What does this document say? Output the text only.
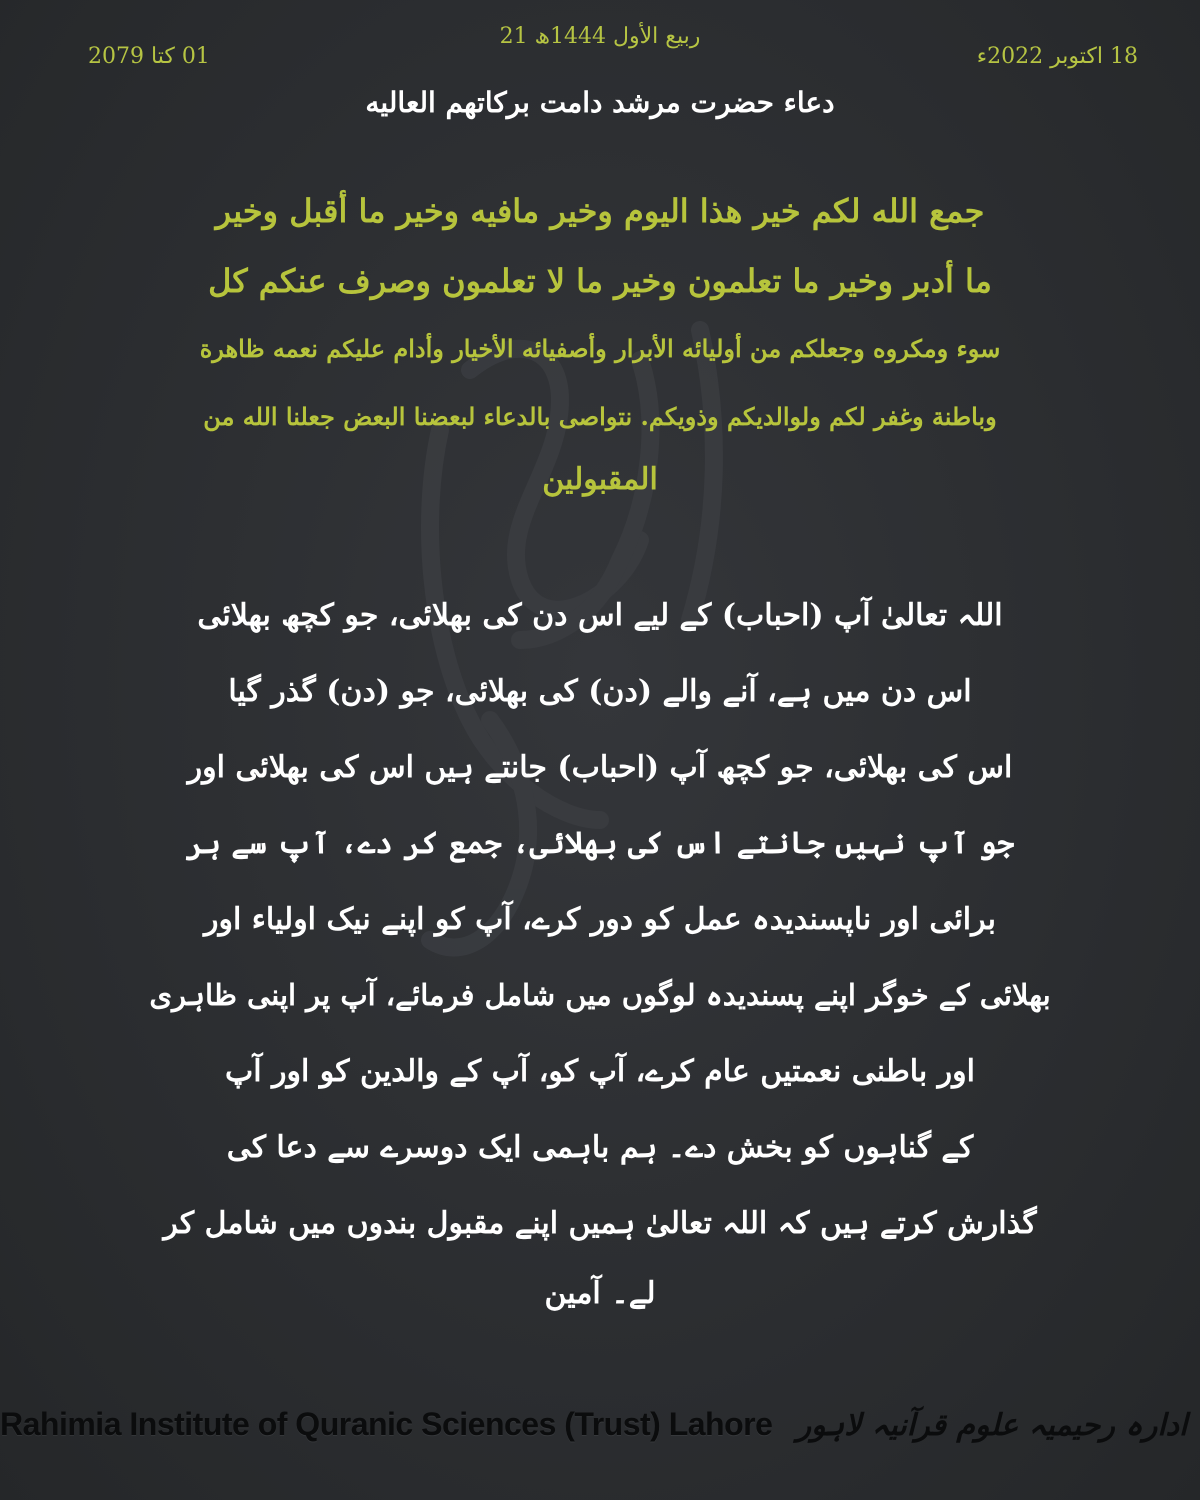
21 ربیع الأول 1444ھ
18 اکتوبر 2022ء
01 کتا 2079
دعاء حضرت مرشد دامت برکاتهم العالیه
جمع الله لكم خير هذا اليوم وخير مافيه وخير ما أقبل وخير
ما أدبر وخير ما تعلمون وخير ما لا تعلمون وصرف عنكم كل
سوء ومكروه وجعلكم من أوليائه الأبرار وأصفيائه الأخيار وأدام عليكم نعمه ظاهرة
وباطنة وغفر لكم ولوالديكم وذويكم. نتواصى بالدعاء لبعضنا البعض جعلنا الله من
المقبولين
اللہ تعالیٰ آپ (احباب) کے لیے اس دن کی بھلائی، جو کچھ بھلائی
اس دن میں ہے، آنے والے (دن) کی بھلائی، جو (دن) گذر گیا
اس کی بھلائی، جو کچھ آپ (احباب) جانتے ہیں اس کی بھلائی اور
جو آپ نہیں جانتے اس کی بھلائی، جمع کر دے، آپ سے ہر
برائی اور ناپسندیدہ عمل کو دور کرے، آپ کو اپنے نیک اولیاء اور
بھلائی کے خوگر اپنے پسندیدہ لوگوں میں شامل فرمائے، آپ پر اپنی ظاہری
اور باطنی نعمتیں عام کرے، آپ کو، آپ کے والدین کو اور آپ
کے گناہوں کو بخش دے۔ ہم باہمی ایک دوسرے سے دعا کی
گذارش کرتے ہیں کہ اللہ تعالیٰ ہمیں اپنے مقبول بندوں میں شامل کر
لے۔ آمین
Rahimia Institute of Quranic Sciences (Trust) Lahore ادارہ رحیمیہ علوم قرآنیہ لاہور
